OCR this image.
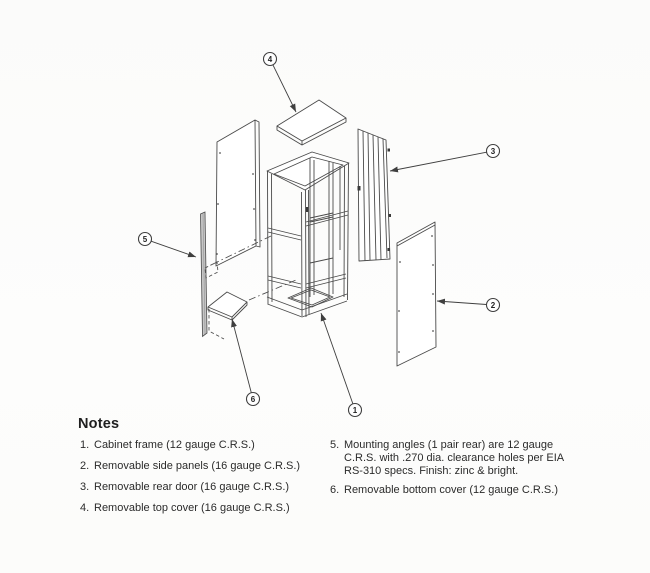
1
2
3
4
5
6
Notes
1. Cabinet frame (12 gauge C.R.S.)
2. Removable side panels (16 gauge C.R.S.)
3. Removable rear door (16 gauge C.R.S.)
4. Removable top cover (16 gauge C.R.S.)
5. Mounting angles (1 pair rear) are 12 gauge
C.R.S. with .270 dia. clearance holes per EIA
RS-310 specs. Finish: zinc & bright.
6. Removable bottom cover (12 gauge C.R.S.)
